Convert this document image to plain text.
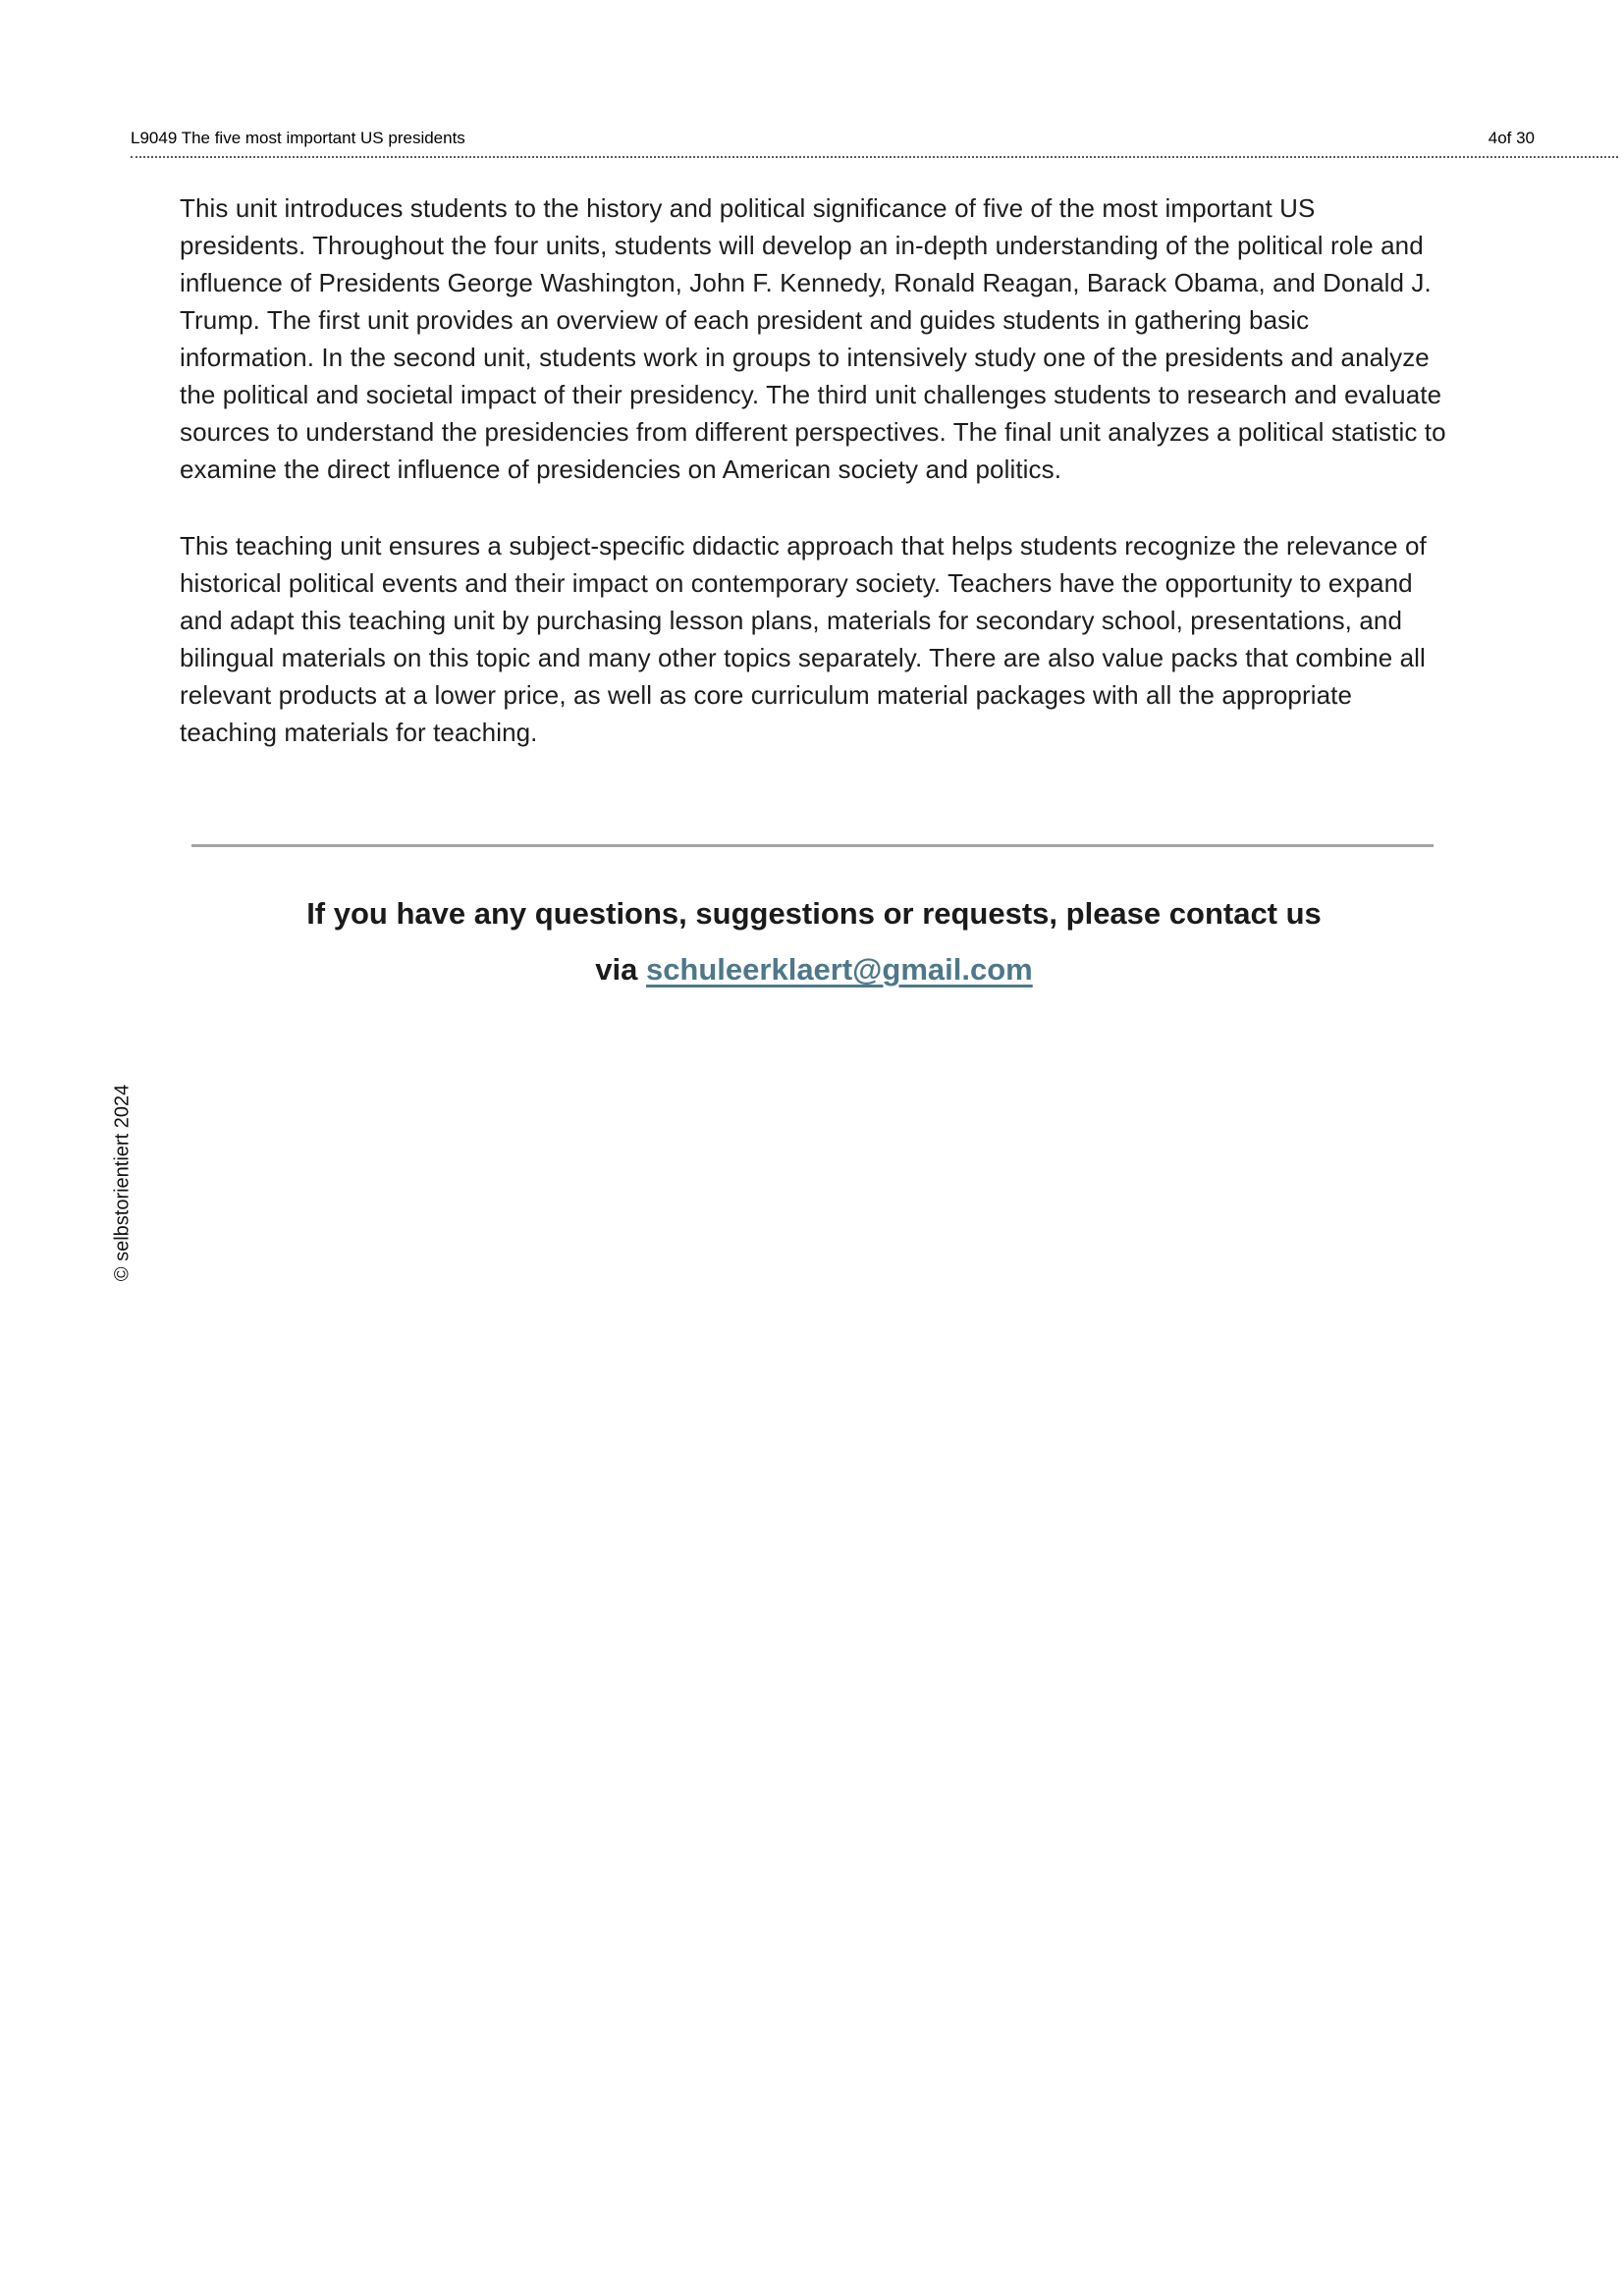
L9049 The five most important US presidents	4of 30

This unit introduces students to the history and political significance of five of the most important US presidents. Throughout the four units, students will develop an in-depth understanding of the political role and influence of Presidents George Washington, John F. Kennedy, Ronald Reagan, Barack Obama, and Donald J. Trump. The first unit provides an overview of each president and guides students in gathering basic information. In the second unit, students work in groups to intensively study one of the presidents and analyze the political and societal impact of their presidency. The third unit challenges students to research and evaluate sources to understand the presidencies from different perspectives. The final unit analyzes a political statistic to examine the direct influence of presidencies on American society and politics.

This teaching unit ensures a subject-specific didactic approach that helps students recognize the relevance of historical political events and their impact on contemporary society. Teachers have the opportunity to expand and adapt this teaching unit by purchasing lesson plans, materials for secondary school, presentations, and bilingual materials on this topic and many other topics separately. There are also value packs that combine all relevant products at a lower price, as well as core curriculum material packages with all the appropriate teaching materials for teaching.

If you have any questions, suggestions or requests, please contact us
via schuleerklaert@gmail.com
© selbstorientiert 2024
